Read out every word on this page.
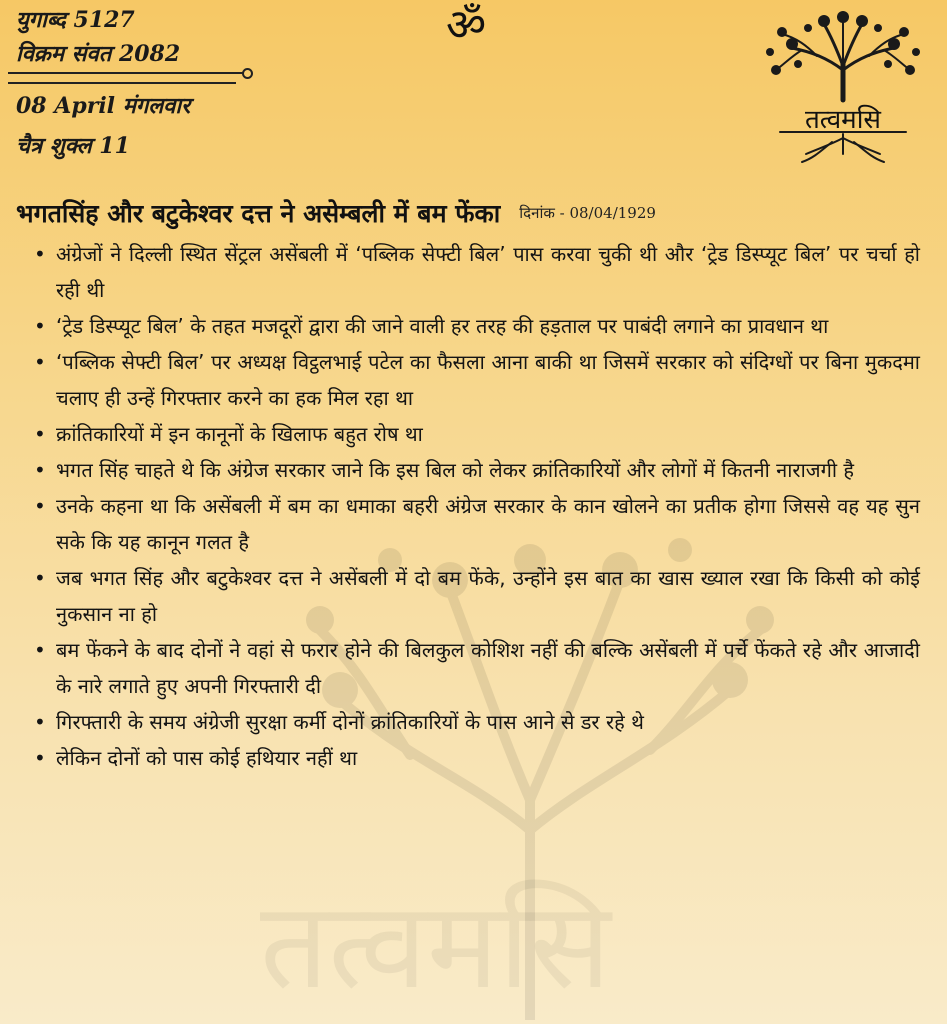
तत्वमसि
युगाब्द 5127
विक्रम संवत 2082
08 April मंगलवार
चैत्र शुक्ल 11
ॐ
तत्वमसि
भगतसिंह और बटुकेश्वर दत्त ने असेम्बली में बम फेंका दिनांक - 08/04/1929
• अंग्रेजों ने दिल्ली स्थित सेंट्रल असेंबली में ‘पब्लिक सेफ्टी बिल’ पास करवा चुकी थी और ‘ट्रेड डिस्प्यूट बिल’ पर चर्चा हो रही थी
• ‘ट्रेड डिस्प्यूट बिल’ के तहत मजदूरों द्वारा की जाने वाली हर तरह की हड़ताल पर पाबंदी लगाने का प्रावधान था
• ‘पब्लिक सेफ्टी बिल’ पर अध्यक्ष विट्ठलभाई पटेल का फैसला आना बाकी था जिसमें सरकार को संदिग्धों पर बिना मुकदमा चलाए ही उन्हें गिरफ्तार करने का हक मिल रहा था
• क्रांतिकारियों में इन कानूनों के खिलाफ बहुत रोष था
• भगत सिंह चाहते थे कि अंग्रेज सरकार जाने कि इस बिल को लेकर क्रांतिकारियों और लोगों में कितनी नाराजगी है
• उनके कहना था कि असेंबली में बम का धमाका बहरी अंग्रेज सरकार के कान खोलने का प्रतीक होगा जिससे वह यह सुन सके कि यह कानून गलत है
• जब भगत सिंह और बटुकेश्वर दत्त ने असेंबली में दो बम फेंके, उन्होंने इस बात का खास ख्याल रखा कि किसी को कोई नुकसान ना हो
• बम फेंकने के बाद दोनों ने वहां से फरार होने की बिलकुल कोशिश नहीं की बल्कि असेंबली में पर्चे फेंकते रहे और आजादी के नारे लगाते हुए अपनी गिरफ्तारी दी
• गिरफ्तारी के समय अंग्रेजी सुरक्षा कर्मी दोनों क्रांतिकारियों के पास आने से डर रहे थे
• लेकिन दोनों को पास कोई हथियार नहीं था
